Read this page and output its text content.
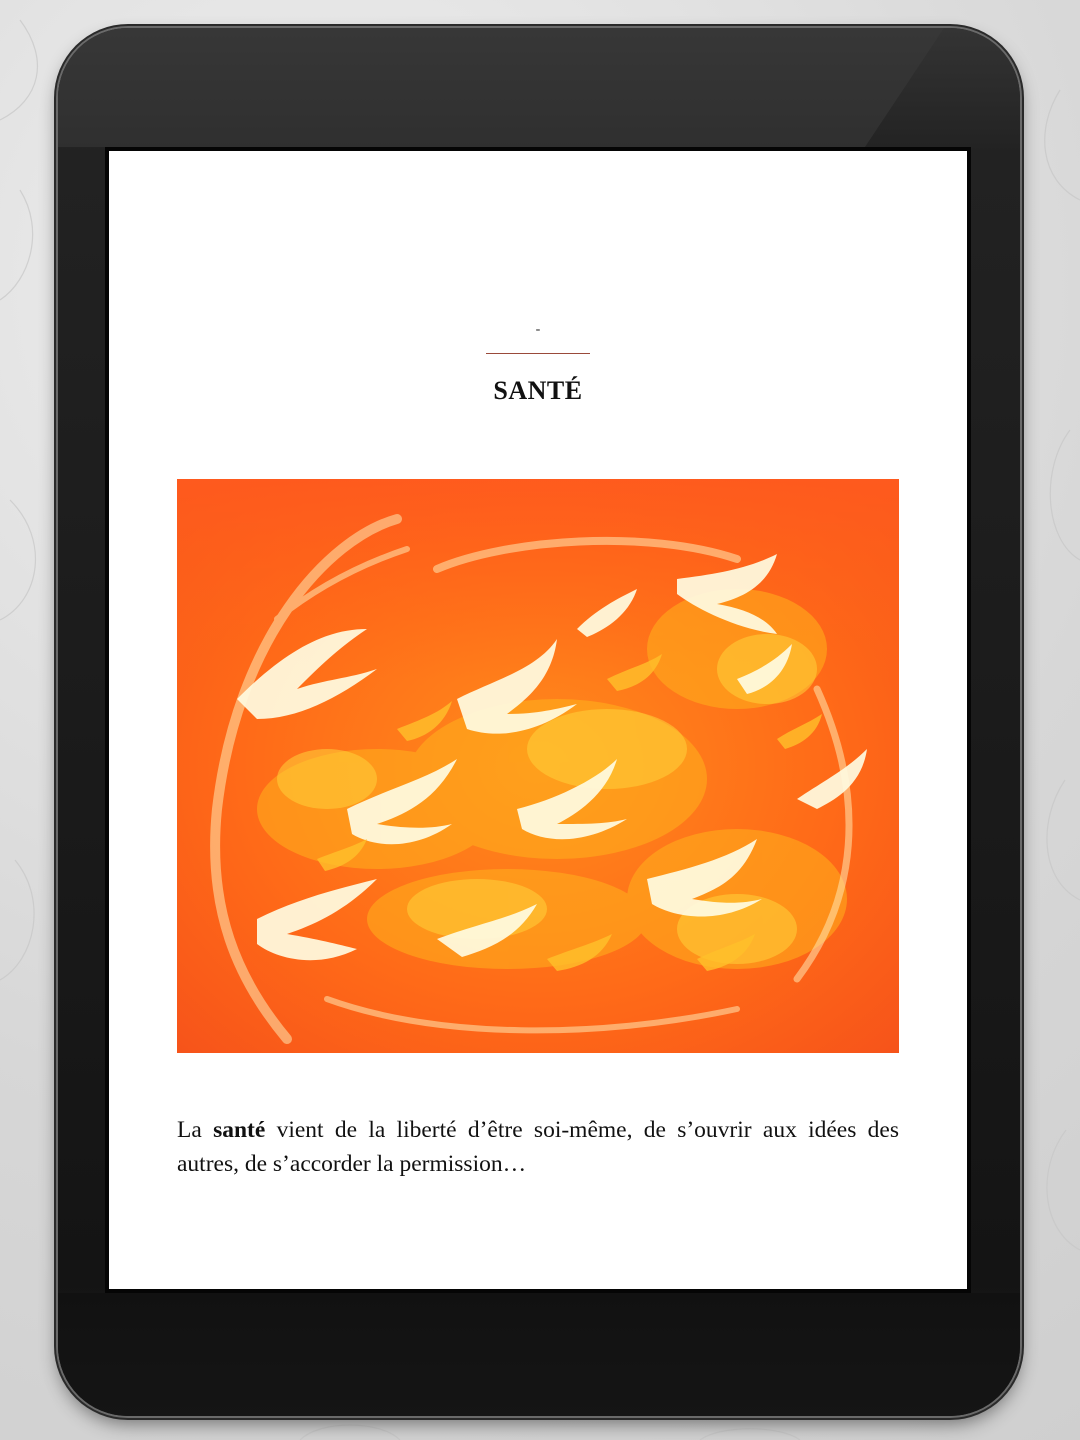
-
SANTÉ

La santé vient de la liberté d’être soi-même, de s’ouvrir aux idées des autres, de s’accorder la permission…
